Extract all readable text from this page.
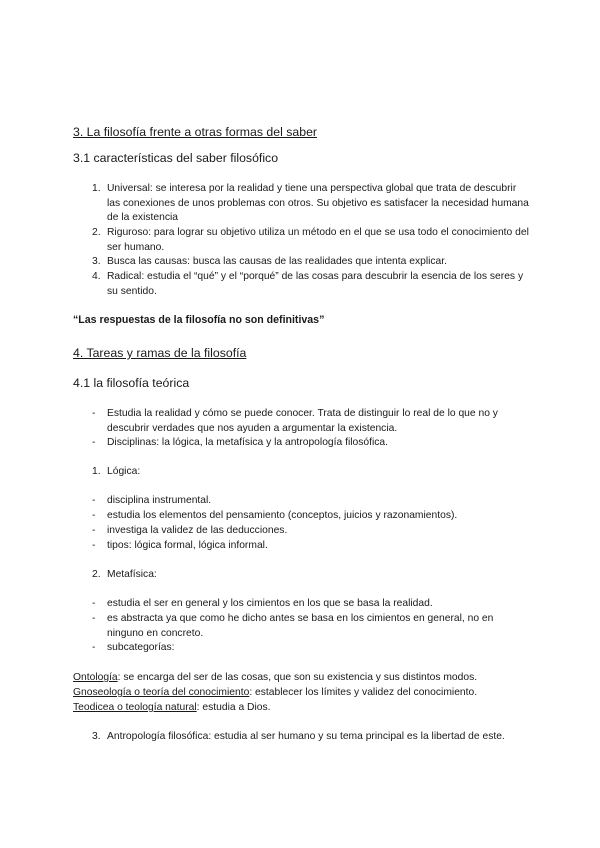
3. La filosofía frente a otras formas del saber
3.1 características del saber filosófico
1. Universal: se interesa por la realidad y tiene una perspectiva global que trata de descubrir las conexiones de unos problemas con otros. Su objetivo es satisfacer la necesidad humana de la existencia
2. Riguroso: para lograr su objetivo utiliza un método en el que se usa todo el conocimiento del ser humano.
3. Busca las causas: busca las causas de las realidades que intenta explicar.
4. Radical: estudia el “qué” y el “porqué” de las cosas para descubrir la esencia de los seres y su sentido.
“Las respuestas de la filosofía no son definitivas”
4. Tareas y ramas de la filosofía
4.1 la filosofía teórica
- Estudia la realidad y cómo se puede conocer. Trata de distinguir lo real de lo que no y descubrir verdades que nos ayuden a argumentar la existencia.
- Disciplinas: la lógica, la metafísica y la antropología filosófica.
1. Lógica:
- disciplina instrumental.
- estudia los elementos del pensamiento (conceptos, juicios y razonamientos).
- investiga la validez de las deducciones.
- tipos: lógica formal, lógica informal.
2. Metafísica:
- estudia el ser en general y los cimientos en los que se basa la realidad.
- es abstracta ya que como he dicho antes se basa en los cimientos en general, no en ninguno en concreto.
- subcategorías:
Ontología: se encarga del ser de las cosas, que son su existencia y sus distintos modos.
Gnoseología o teoría del conocimiento: establecer los límites y validez del conocimiento.
Teodicea o teología natural: estudia a Dios.
3. Antropología filosófica: estudia al ser humano y su tema principal es la libertad de este.
